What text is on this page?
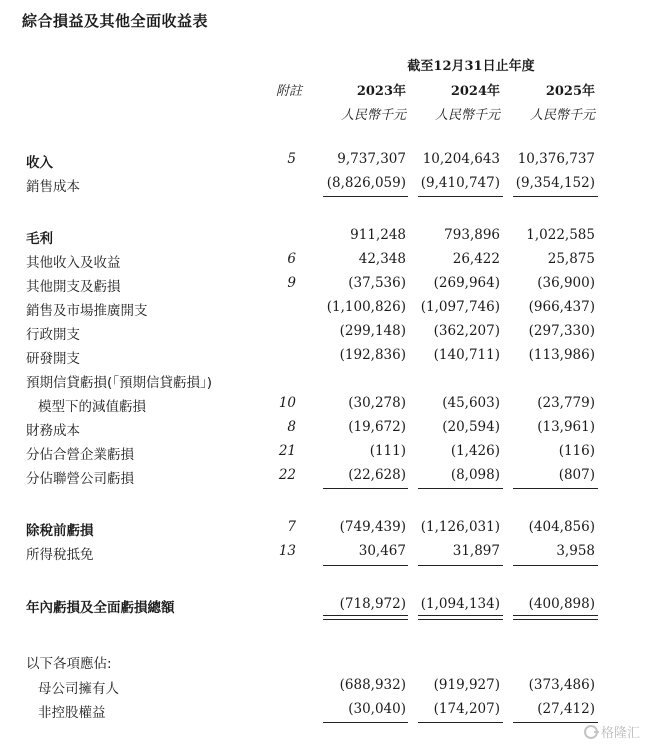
綜合損益及其他全面收益表
截至12月31日止年度
附註	2023年	2024年	2025年
人民幣千元	人民幣千元	人民幣千元
收入	5	9,737,307	10,204,643	10,376,737
銷售成本	(8,826,059)	(9,410,747)	(9,354,152)
毛利	911,248	793,896	1,022,585
其他收入及收益	6	42,348	26,422	25,875
其他開支及虧損	9	(37,536)	(269,964)	(36,900)
銷售及市場推廣開支	(1,100,826)	(1,097,746)	(966,437)
行政開支	(299,148)	(362,207)	(297,330)
研發開支	(192,836)	(140,711)	(113,986)
預期信貸虧損(「預期信貸虧損」)
模型下的減值虧損	10	(30,278)	(45,603)	(23,779)
財務成本	8	(19,672)	(20,594)	(13,961)
分佔合營企業虧損	21	(111)	(1,426)	(116)
分佔聯營公司虧損	22	(22,628)	(8,098)	(807)
除稅前虧損	7	(749,439)	(1,126,031)	(404,856)
所得稅抵免	13	30,467	31,897	3,958
年內虧損及全面虧損總額	(718,972)	(1,094,134)	(400,898)
以下各項應佔:
母公司擁有人	(688,932)	(919,927)	(373,486)
非控股權益	(30,040)	(174,207)	(27,412)
格隆汇
